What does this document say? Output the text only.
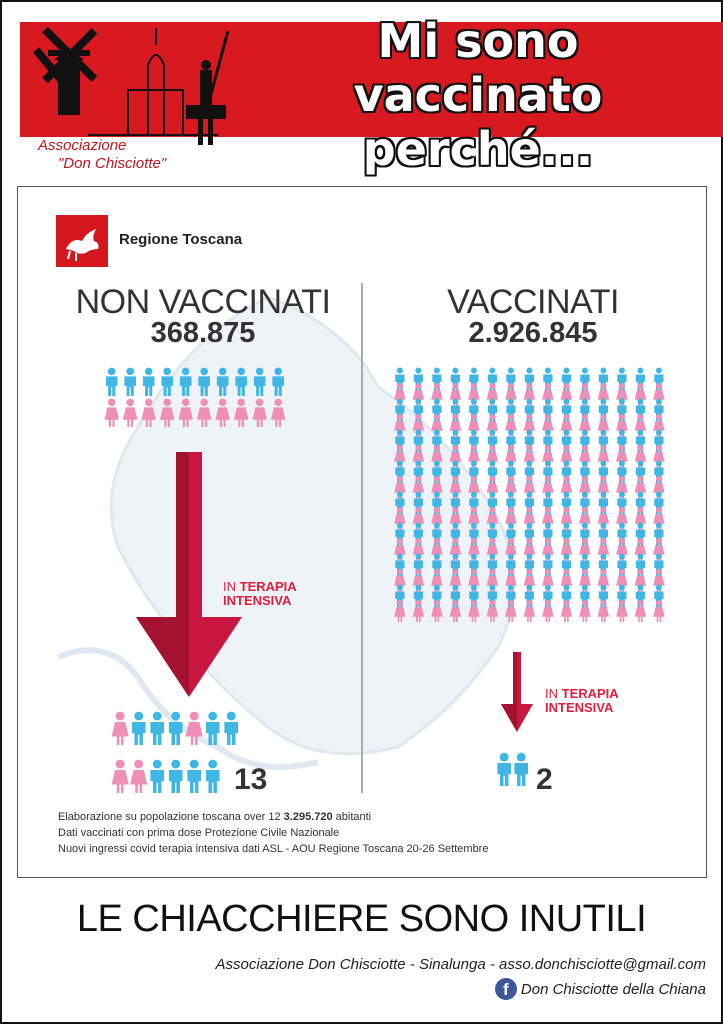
Associazione
"Don Chisciotte"
Mi sono vaccinato
perché...
Regione Toscana
NON VACCINATI
368.875
IN TERAPIA
INTENSIVA
13
VACCINATI
2.926.845
IN TERAPIA
INTENSIVA
2
Elaborazione su popolazione toscana over 12 3.295.720 abitanti
Dati vaccinati con prima dose Protezione Civile Nazionale
Nuovi ingressi covid terapia intensiva dati ASL - AOU Regione Toscana 20-26 Settembre
LE CHIACCHIERE SONO INUTILI
Associazione Don Chisciotte - Sinalunga - asso.donchisciotte@gmail.com
f Don Chisciotte della Chiana
